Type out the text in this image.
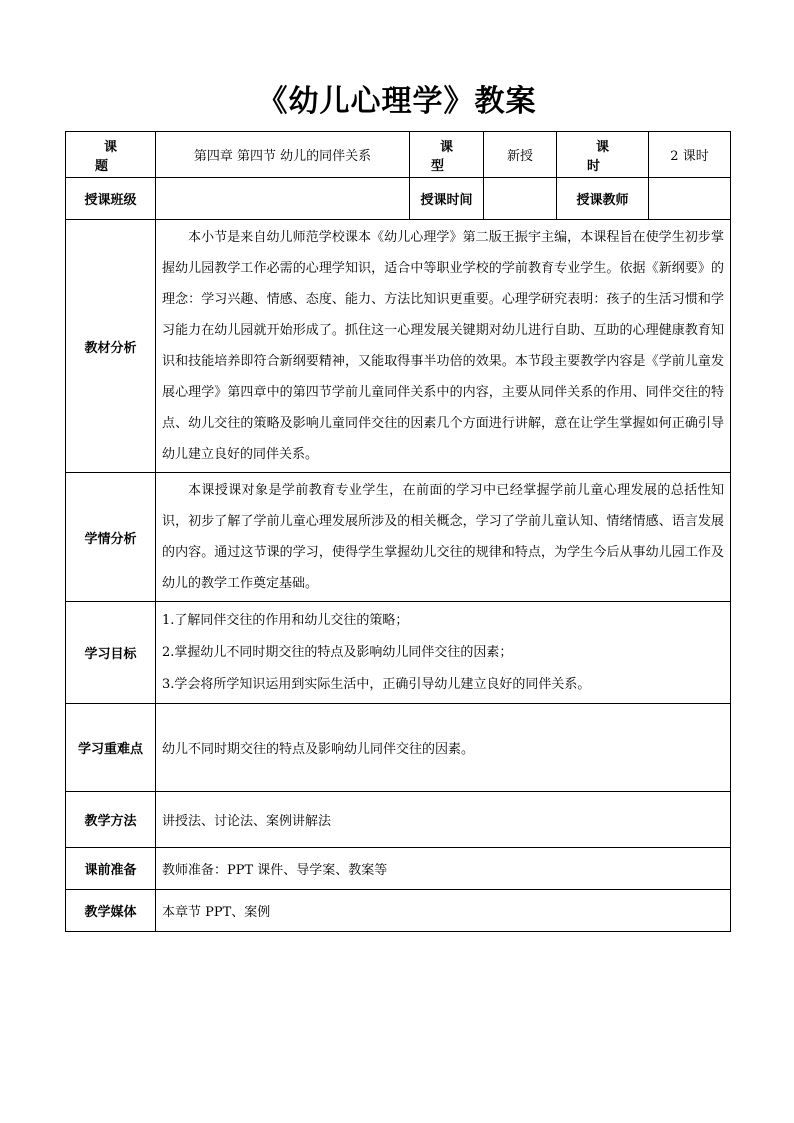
《幼儿心理学》教案
课 题	第四章 第四节 幼儿的同伴关系	课 型	新授	课 时	2 课时
授课班级		授课时间		授课教师	
教材分析	本小节是来自幼儿师范学校课本《幼儿心理学》第二版王振宇主编，本课程旨在使学生初步掌握幼儿园教学工作必需的心理学知识，适合中等职业学校的学前教育专业学生。依据《新纲要》的理念：学习兴趣、情感、态度、能力、方法比知识更重要。心理学研究表明：孩子的生活习惯和学习能力在幼儿园就开始形成了。抓住这一心理发展关键期对幼儿进行自助、互助的心理健康教育知识和技能培养即符合新纲要精神，又能取得事半功倍的效果。本节段主要教学内容是《学前儿童发展心理学》第四章中的第四节学前儿童同伴关系中的内容，主要从同伴关系的作用、同伴交往的特点、幼儿交往的策略及影响儿童同伴交往的因素几个方面进行讲解，意在让学生掌握如何正确引导幼儿建立良好的同伴关系。				
学情分析	本课授课对象是学前教育专业学生，在前面的学习中已经掌握学前儿童心理发展的总括性知识，初步了解了学前儿童心理发展所涉及的相关概念，学习了学前儿童认知、情绪情感、语言发展的内容。通过这节课的学习，使得学生掌握幼儿交往的规律和特点，为学生今后从事幼儿园工作及幼儿的教学工作奠定基础。				
学习目标	1.了解同伴交往的作用和幼儿交往的策略；
2.掌握幼儿不同时期交往的特点及影响幼儿同伴交往的因素；
3.学会将所学知识运用到实际生活中，正确引导幼儿建立良好的同伴关系。				

学习重难点	幼儿不同时期交往的特点及影响幼儿同伴交往的因素。				
教学方法	讲授法、讨论法、案例讲解法				
课前准备	教师准备：PPT 课件、导学案、教案等				
教学媒体	本章节 PPT、案例				
